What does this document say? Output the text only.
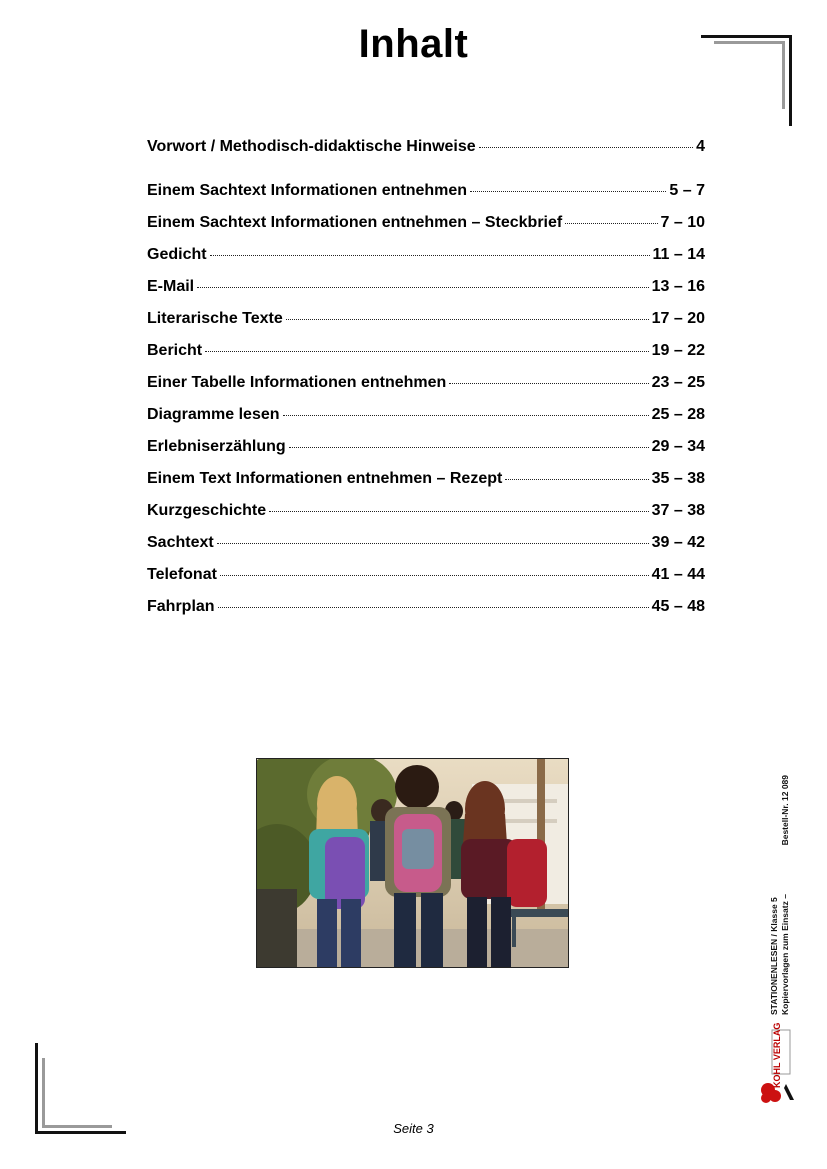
Inhalt
Vorwort / Methodisch-didaktische Hinweise	4
Einem Sachtext Informationen entnehmen	5 – 7
Einem Sachtext Informationen entnehmen – Steckbrief	7 – 10
Gedicht	11 – 14
E-Mail	13 – 16
Literarische Texte	17 – 20
Bericht	19 – 22
Einer Tabelle Informationen entnehmen	23 – 25
Diagramme lesen	25 – 28
Erlebniserzählung	29 – 34
Einem Text Informationen entnehmen – Rezept	35 – 38
Kurzgeschichte	37 – 38
Sachtext	39 – 42
Telefonat	41 – 44
Fahrplan	45 – 48
STATIONENLESEN / Klasse 5 Kopiervorlagen zum Einsatz –
Bestell-Nr. 12 089
KOHL VERLAG
Seite 3
